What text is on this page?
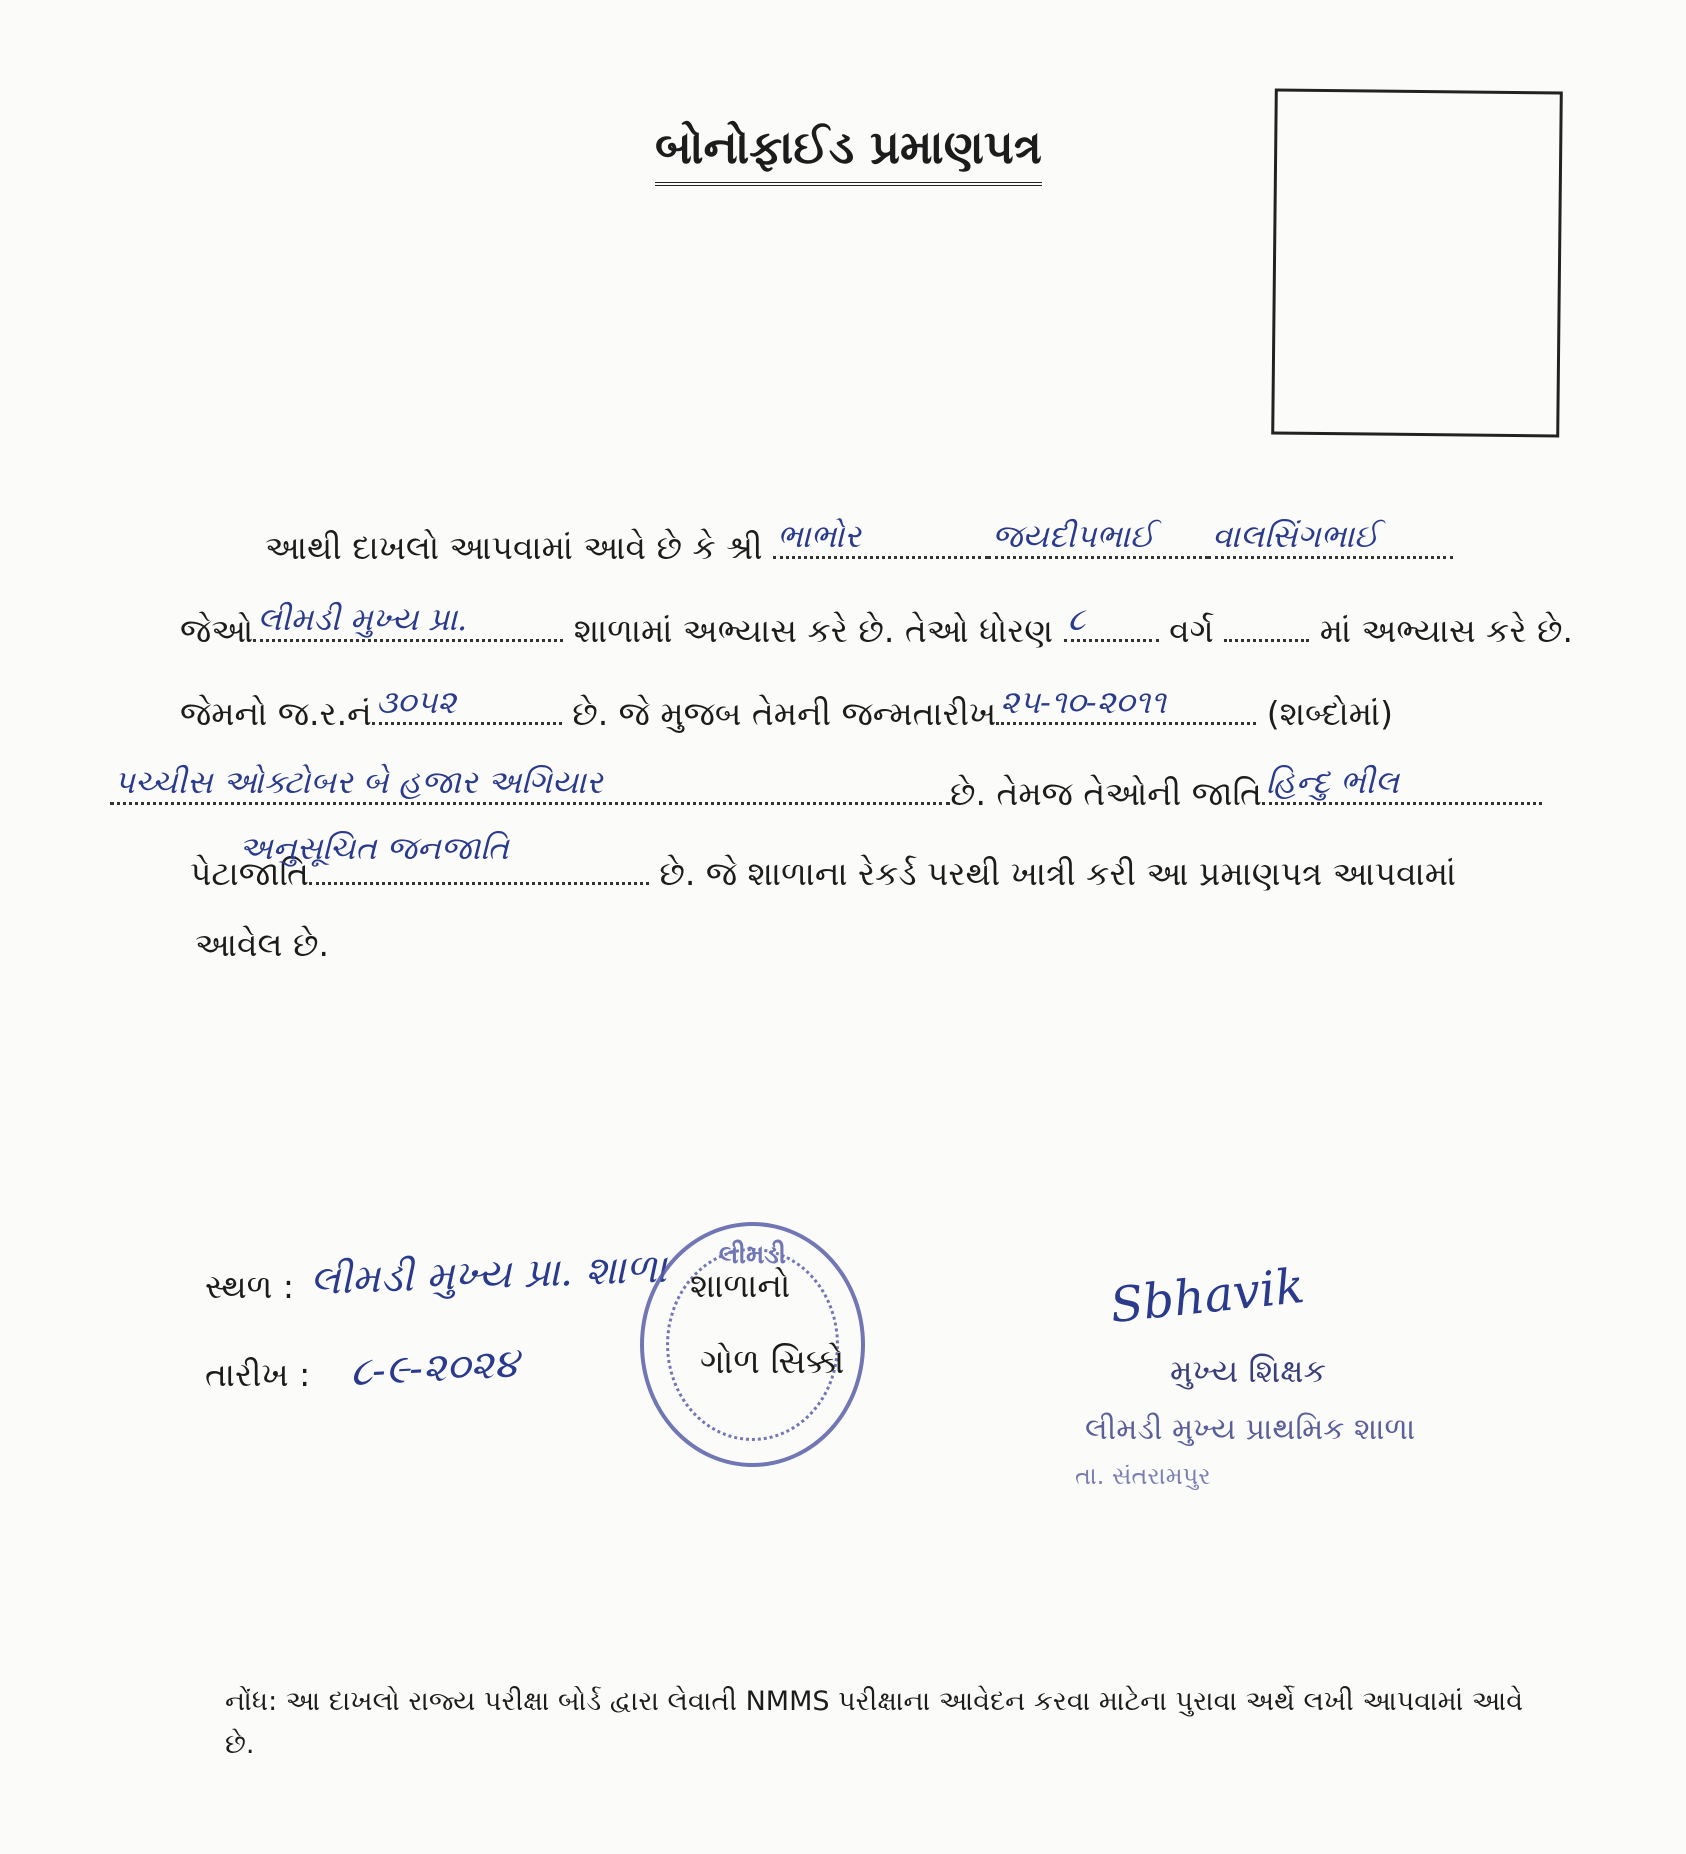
બોનોફાઈડ પ્રમાણપત્ર
આથી દાખલો આપવામાં આવે છે કે શ્રી ભાભોર	જયદીપભાઈ વાલસિંગભાઈ
જેઓ લીમડી મુખ્ય પ્રા.	શાળામાં અભ્યાસ કરે છે. તેઓ ધોરણ ૮	વર્ગ	માં અભ્યાસ કરે છે.
જેમનો જ.ર.નં ૩૦૫૨	છે. જે મુજબ તેમની જન્મતારીખ ૨૫-૧૦-૨૦૧૧	(શબ્દોમાં)
પચ્ચીસ ઓક્ટોબર બે હજાર અગિયાર	છે. તેમજ તેઓની જાતિ હિન્દુ ભીલ
પેટાજાતિ
અનુસૂચિત જનજાતિ
છે. જે શાળાના રેકર્ડ પરથી ખાત્રી કરી આ પ્રમાણપત્ર આપવામાં
આવેલ છે.
સ્થળ : લીમડી મુખ્ય પ્રા. શાળા
તારીખ : ૮-૯-૨૦૨૪
લીમડી
શાળાનો
ગોળ સિક્કો
Sbhavik
મુખ્ય શિક્ષક
લીમડી મુખ્ય પ્રાથમિક શાળા
તા. સંતરામપુર
નોંધ: આ દાખલો રાજ્ય પરીક્ષા બોર્ડ દ્વારા લેવાતી NMMS પરીક્ષાના આવેદન કરવા માટેના પુરાવા અર્થે લખી આપવામાં આવે છે.
